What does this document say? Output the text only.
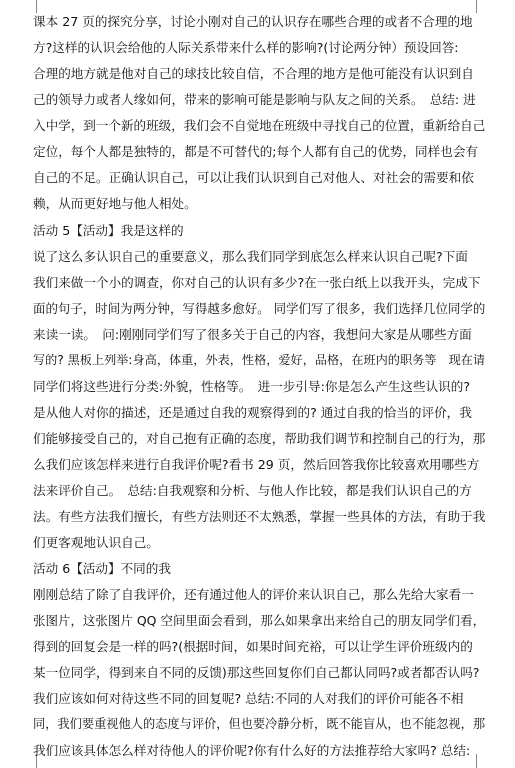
课本 27 页的探究分享，讨论小刚对自己的认识存在哪些合理的或者不合理的地
方?这样的认识会给他的人际关系带来什么样的影响?(讨论两分钟）预设回答:
合理的地方就是他对自己的球技比较自信，不合理的地方是他可能没有认识到自
己的领导力或者人缘如何，带来的影响可能是影响与队友之间的关系。　总结: 进
入中学，到一个新的班级，我们会不自觉地在班级中寻找自己的位置，重新给自己
定位，每个人都是独特的，都是不可替代的;每个人都有自己的优势，同样也会有
自己的不足。正确认识自己，可以让我们认识到自己对他人、对社会的需要和依
赖，从而更好地与他人相处。
活动 5【活动】我是这样的
说了这么多认识自己的重要意义，那么我们同学到底怎么样来认识自己呢?下面
我们来做一个小的调查，你对自己的认识有多少?在一张白纸上以我开头，完成下
面的句子，时间为两分钟，写得越多愈好。 同学们写了很多，我们选择几位同学的
来读一读。　问:刚刚同学们写了很多关于自己的内容，我想问大家是从哪些方面
写的? 黑板上列举:身高，体重，外表，性格，爱好，品格，在班内的职务等　现在请
同学们将这些进行分类:外貌，性格等。　进一步引导:你是怎么产生这些认识的?
是从他人对你的描述，还是通过自我的观察得到的? 通过自我的恰当的评价，我
们能够接受自己的，对自己抱有正确的态度，帮助我们调节和控制自己的行为，那
么我们应该怎样来进行自我评价呢?看书 29 页，然后回答我你比较喜欢用哪些方
法来评价自己。　总结:自我观察和分析、与他人作比较，都是我们认识自己的方
法。有些方法我们擅长，有些方法则还不太熟悉，掌握一些具体的方法，有助于我
们更客观地认识自己。
活动 6【活动】不同的我
刚刚总结了除了自我评价，还有通过他人的评价来认识自己，那么先给大家看一
张图片，这张图片 QQ 空间里面会看到，那么如果拿出来给自己的朋友同学们看，
得到的回复会是一样的吗?(根据时间，如果时间充裕，可以让学生评价班级内的
某一位同学，得到来自不同的反馈)那这些回复你们自己都认同吗?或者都否认吗?
我们应该如何对待这些不同的回复呢? 总结:不同的人对我们的评价可能各不相
同，我们要重视他人的态度与评价，但也要冷静分析，既不能盲从，也不能忽视，那
我们应该具体怎么样对待他人的评价呢?你有什么好的方法推荐给大家吗? 总结:
